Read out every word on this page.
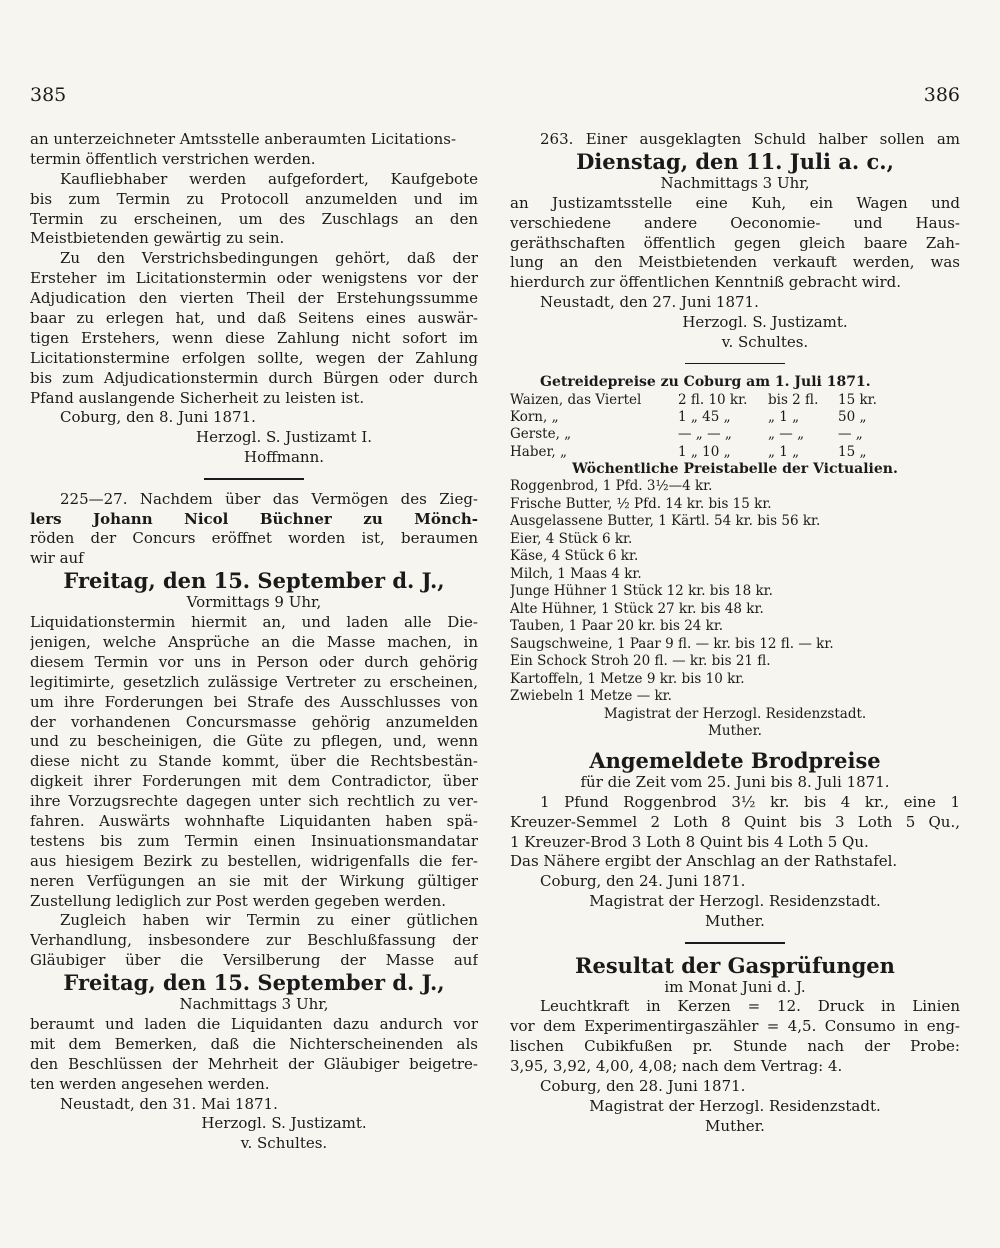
385	386
an unterzeichneter Amtsstelle anberaumten Licitations-
termin öffentlich verstrichen werden.
Kaufliebhaber werden aufgefordert, Kaufgebote
bis zum Termin zu Protocoll anzumelden und im
Termin zu erscheinen, um des Zuschlags an den
Meistbietenden gewärtig zu sein.
Zu den Verstrichsbedingungen gehört, daß der
Ersteher im Licitationstermin oder wenigstens vor der
Adjudication den vierten Theil der Erstehungssumme
baar zu erlegen hat, und daß Seitens eines auswär-
tigen Erstehers, wenn diese Zahlung nicht sofort im
Licitationstermine erfolgen sollte, wegen der Zahlung
bis zum Adjudicationstermin durch Bürgen oder durch
Pfand auslangende Sicherheit zu leisten ist.
Coburg, den 8. Juni 1871.
Herzogl. S. Justizamt I.
Hoffmann.
225—27. Nachdem über das Vermögen des Zieg-
lers Johann Nicol Büchner zu Mönch-
röden der Concurs eröffnet worden ist, beraumen
wir auf
Freitag, den 15. September d. J.,
Vormittags 9 Uhr,
Liquidationstermin hiermit an, und laden alle Die-
jenigen, welche Ansprüche an die Masse machen, in
diesem Termin vor uns in Person oder durch gehörig
legitimirte, gesetzlich zulässige Vertreter zu erscheinen,
um ihre Forderungen bei Strafe des Ausschlusses von
der vorhandenen Concursmasse gehörig anzumelden
und zu bescheinigen, die Güte zu pflegen, und, wenn
diese nicht zu Stande kommt, über die Rechtsbestän-
digkeit ihrer Forderungen mit dem Contradictor, über
ihre Vorzugsrechte dagegen unter sich rechtlich zu ver-
fahren. Auswärts wohnhafte Liquidanten haben spä-
testens bis zum Termin einen Insinuationsmandatar
aus hiesigem Bezirk zu bestellen, widrigenfalls die fer-
neren Verfügungen an sie mit der Wirkung gültiger
Zustellung lediglich zur Post werden gegeben werden.
Zugleich haben wir Termin zu einer gütlichen
Verhandlung, insbesondere zur Beschlußfassung der
Gläubiger über die Versilberung der Masse auf
Freitag, den 15. September d. J.,
Nachmittags 3 Uhr,
beraumt und laden die Liquidanten dazu andurch vor
mit dem Bemerken, daß die Nichterscheinenden als
den Beschlüssen der Mehrheit der Gläubiger beigetre-
ten werden angesehen werden.
Neustadt, den 31. Mai 1871.
Herzogl. S. Justizamt.
v. Schultes.
263. Einer ausgeklagten Schuld halber sollen am
Dienstag, den 11. Juli a. c.,
Nachmittags 3 Uhr,
an Justizamtsstelle eine Kuh, ein Wagen und
verschiedene andere Oeconomie- und Haus-
geräthschaften öffentlich gegen gleich baare Zah-
lung an den Meistbietenden verkauft werden, was
hierdurch zur öffentlichen Kenntniß gebracht wird.
Neustadt, den 27. Juni 1871.
Herzogl. S. Justizamt.
v. Schultes.
Getreidepreise zu Coburg am 1. Juli 1871.
Waizen, das Viertel	2 fl. 10 kr. bis 2 fl. 15 kr.
Korn, „	1 „ 45 „	„ 1 „	50 „
Gerste, „	— „ — „	„ — „	— „
Haber, „	1 „ 10 „	„ 1 „	15 „
Wöchentliche Preistabelle der Victualien.
Roggenbrod, 1 Pfd. 3½—4 kr.
Frische Butter, ½ Pfd. 14 kr. bis 15 kr.
Ausgelassene Butter, 1 Kärtl. 54 kr. bis 56 kr.
Eier, 4 Stück 6 kr.
Käse, 4 Stück 6 kr.
Milch, 1 Maas 4 kr.
Junge Hühner 1 Stück 12 kr. bis 18 kr.
Alte Hühner, 1 Stück 27 kr. bis 48 kr.
Tauben, 1 Paar 20 kr. bis 24 kr.
Saugschweine, 1 Paar 9 fl. — kr. bis 12 fl. — kr.
Ein Schock Stroh 20 fl. — kr. bis 21 fl.
Kartoffeln, 1 Metze 9 kr. bis 10 kr.
Zwiebeln 1 Metze — kr.
Magistrat der Herzogl. Residenzstadt.
Muther.
Angemeldete Brodpreise
für die Zeit vom 25. Juni bis 8. Juli 1871.
1 Pfund Roggenbrod 3½ kr. bis 4 kr., eine 1
Kreuzer-Semmel 2 Loth 8 Quint bis 3 Loth 5 Qu.,
1 Kreuzer-Brod 3 Loth 8 Quint bis 4 Loth 5 Qu.
Das Nähere ergibt der Anschlag an der Rathstafel.
Coburg, den 24. Juni 1871.
Magistrat der Herzogl. Residenzstadt.
Muther.
Resultat der Gasprüfungen
im Monat Juni d. J.
Leuchtkraft in Kerzen = 12. Druck in Linien
vor dem Experimentirgaszähler = 4,5. Consumo in eng-
lischen Cubikfußen pr. Stunde nach der Probe:
3,95, 3,92, 4,00, 4,08; nach dem Vertrag: 4.
Coburg, den 28. Juni 1871.
Magistrat der Herzogl. Residenzstadt.
Muther.
